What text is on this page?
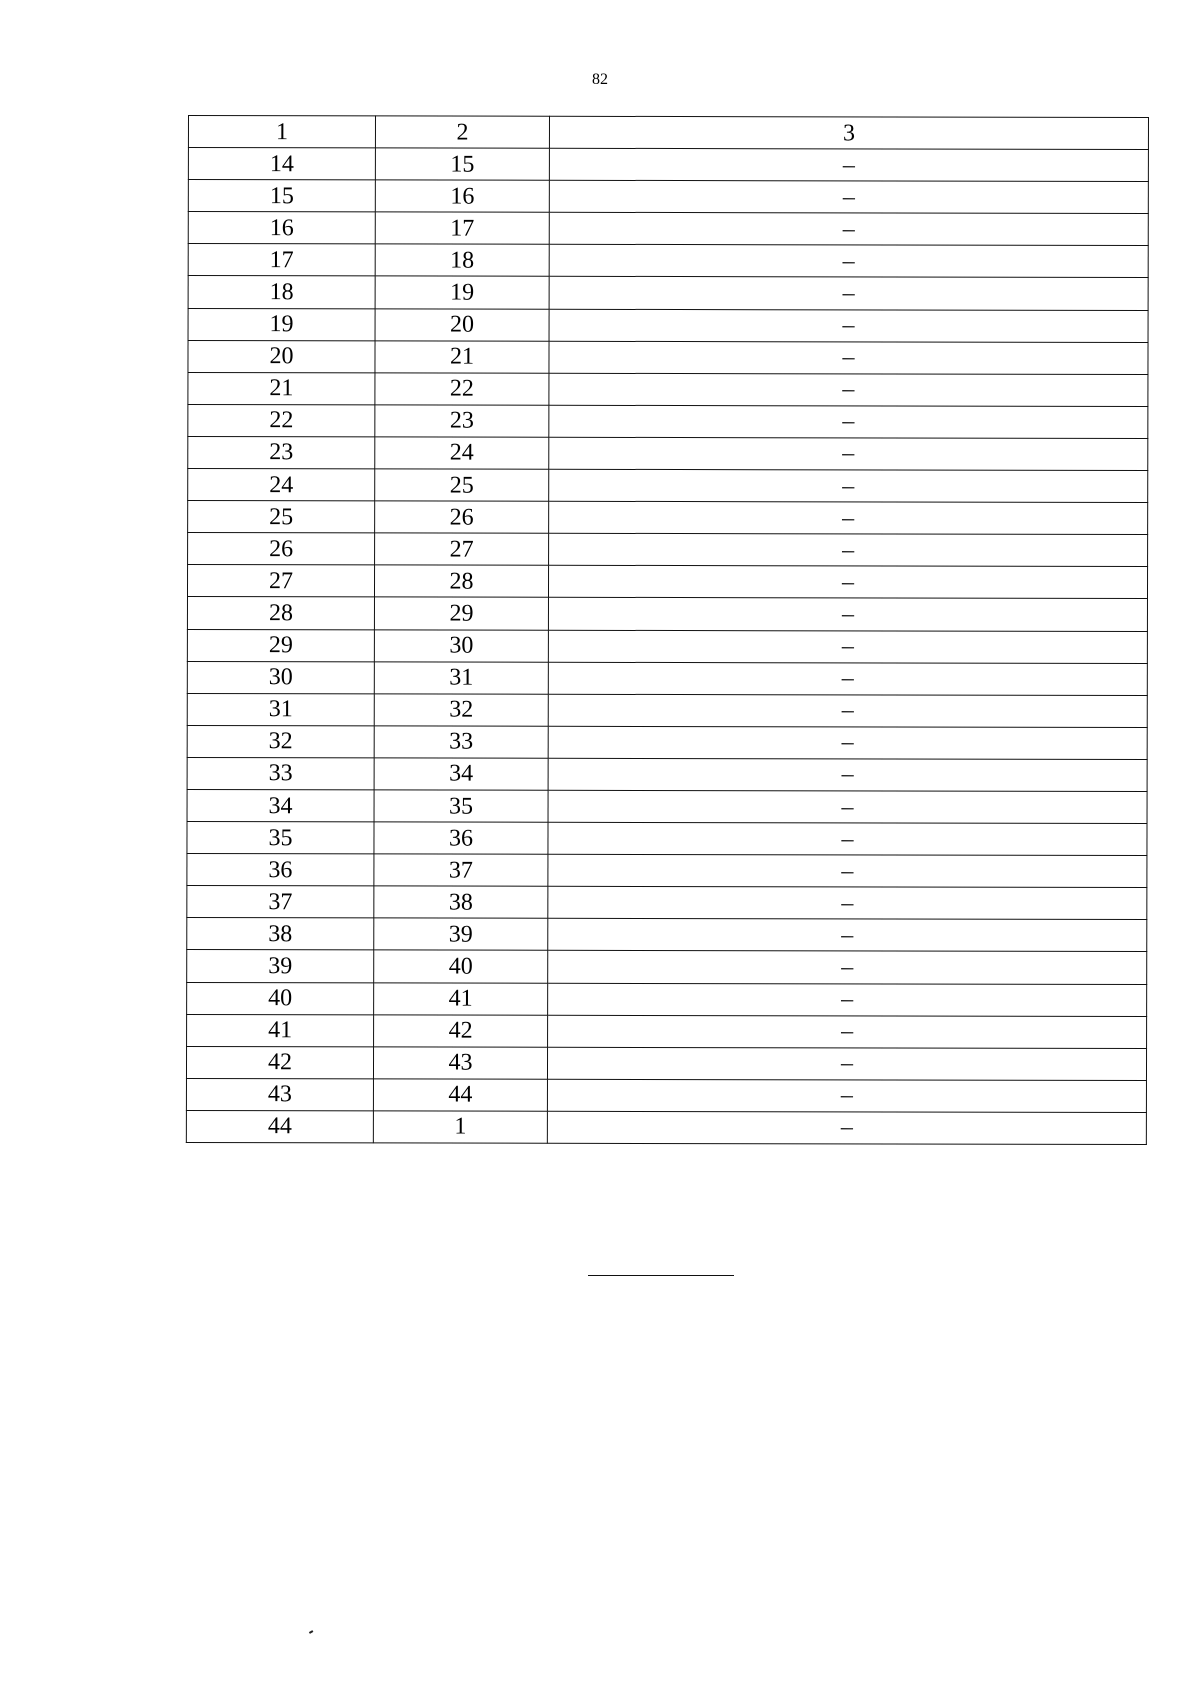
82
1	2	3
14	15	–
15	16	–
16	17	–
17	18	–
18	19	–
19	20	–
20	21	–
21	22	–
22	23	–
23	24	–
24	25	–
25	26	–
26	27	–
27	28	–
28	29	–
29	30	–
30	31	–
31	32	–
32	33	–
33	34	–
34	35	–
35	36	–
36	37	–
37	38	–
38	39	–
39	40	–
40	41	–
41	42	–
42	43	–
43	44	–
44	1	–
